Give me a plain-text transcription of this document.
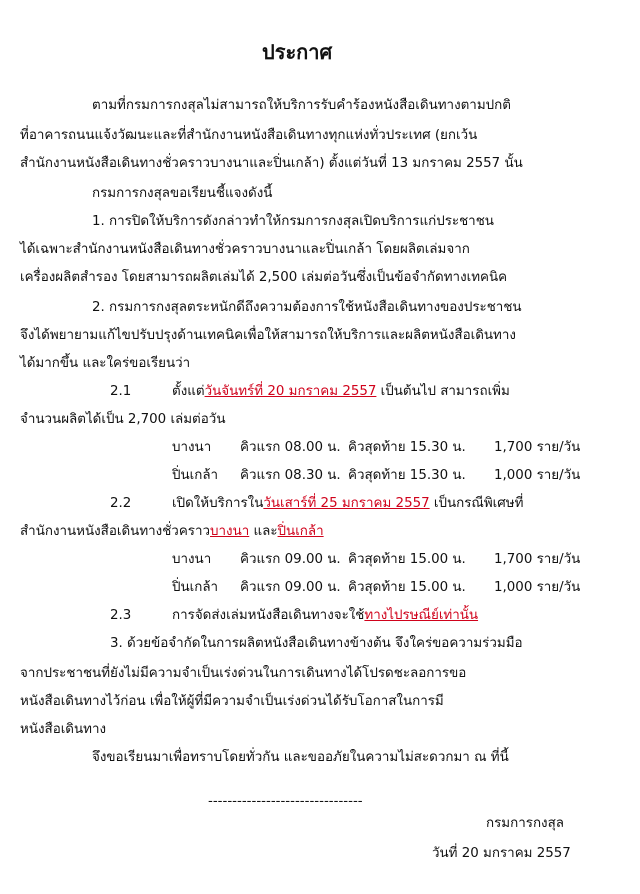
ประกาศ
ตามที่กรมการกงสุลไม่สามารถให้บริการรับคำร้องหนังสือเดินทางตามปกติ
ที่อาคารถนนแจ้งวัฒนะและที่สำนักงานหนังสือเดินทางทุกแห่งทั่วประเทศ (ยกเว้น
สำนักงานหนังสือเดินทางชั่วคราวบางนาและปิ่นเกล้า) ตั้งแต่วันที่ 13 มกราคม 2557 นั้น
กรมการกงสุลขอเรียนชี้แจงดังนี้
1. การปิดให้บริการดังกล่าวทำให้กรมการกงสุลเปิดบริการแก่ประชาชน
ได้เฉพาะสำนักงานหนังสือเดินทางชั่วคราวบางนาและปิ่นเกล้า โดยผลิตเล่มจาก
เครื่องผลิตสำรอง โดยสามารถผลิตเล่มได้ 2,500 เล่มต่อวันซึ่งเป็นข้อจำกัดทางเทคนิค
2. กรมการกงสุลตระหนักดีถึงความต้องการใช้หนังสือเดินทางของประชาชน
จึงได้พยายามแก้ไขปรับปรุงด้านเทคนิคเพื่อให้สามารถให้บริการและผลิตหนังสือเดินทาง
ได้มากขึ้น และใคร่ขอเรียนว่า
2.1	ตั้งแต่วันจันทร์ที่ 20 มกราคม 2557 เป็นต้นไป สามารถเพิ่ม
จำนวนผลิตได้เป็น 2,700 เล่มต่อวัน
บางนา คิวแรก 08.00 น. คิวสุดท้าย 15.30 น. 1,700 ราย/วัน
ปิ่นเกล้า คิวแรก 08.30 น. คิวสุดท้าย 15.30 น. 1,000 ราย/วัน
2.2	เปิดให้บริการในวันเสาร์ที่ 25 มกราคม 2557 เป็นกรณีพิเศษที่
สำนักงานหนังสือเดินทางชั่วคราวบางนา และปิ่นเกล้า
บางนา คิวแรก 09.00 น. คิวสุดท้าย 15.00 น. 1,700 ราย/วัน
ปิ่นเกล้า คิวแรก 09.00 น. คิวสุดท้าย 15.00 น. 1,000 ราย/วัน
2.3	การจัดส่งเล่มหนังสือเดินทางจะใช้ทางไปรษณีย์เท่านั้น
3. ด้วยข้อจำกัดในการผลิตหนังสือเดินทางข้างต้น จึงใคร่ขอความร่วมมือ
จากประชาชนที่ยังไม่มีความจำเป็นเร่งด่วนในการเดินทางได้โปรดชะลอการขอ
หนังสือเดินทางไว้ก่อน เพื่อให้ผู้ที่มีความจำเป็นเร่งด่วนได้รับโอกาสในการมี
หนังสือเดินทาง
จึงขอเรียนมาเพื่อทราบโดยทั่วกัน และขออภัยในความไม่สะดวกมา ณ ที่นี้
--------------------------------
กรมการกงสุล
วันที่ 20 มกราคม 2557
